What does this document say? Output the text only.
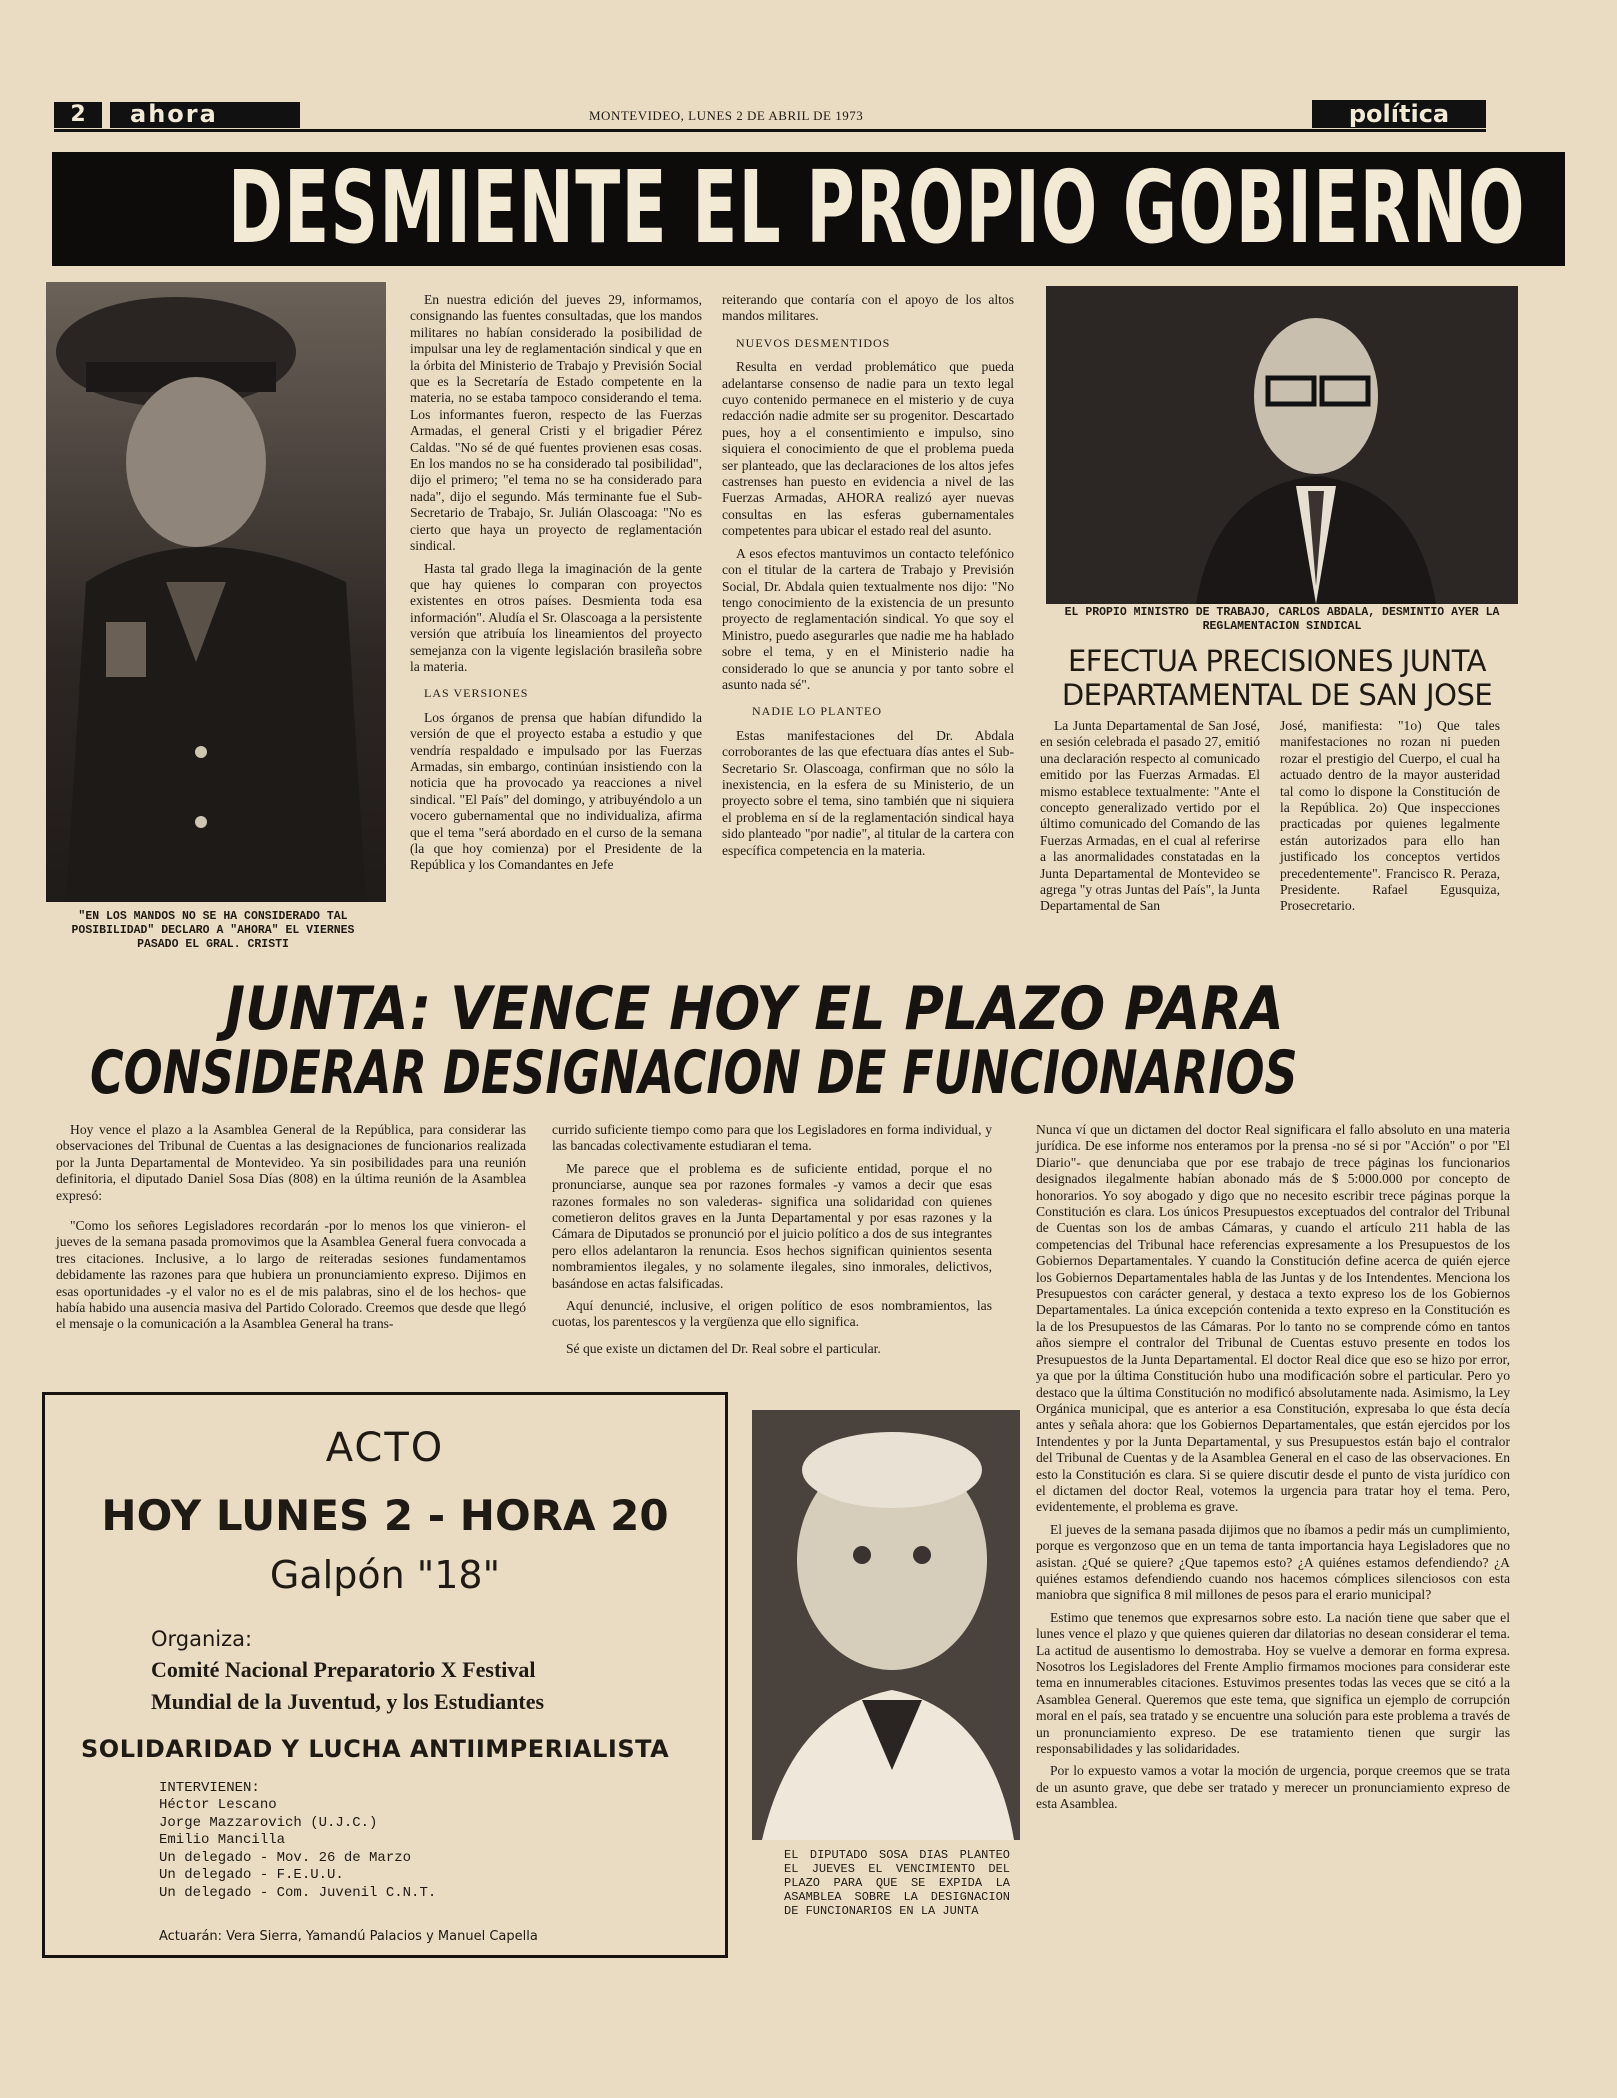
2	ahora	MONTEVIDEO, LUNES 2 DE ABRIL DE 1973	política
DESMIENTE EL PROPIO GOBIERNO
"EN LOS MANDOS NO SE HA CONSIDERADO TAL POSIBILIDAD" DECLARO A "AHORA" EL VIERNES PASADO EL GRAL. CRISTI

En nuestra edición del jueves 29, informamos, consignando las fuentes consultadas, que los mandos militares no habían considerado la posibilidad de impulsar una ley de reglamentación sindical y que en la órbita del Ministerio de Trabajo y Previsión Social que es la Secretaría de Estado competente en la materia, no se estaba tampoco considerando el tema. Los informantes fueron, respecto de las Fuerzas Armadas, el general Cristi y el brigadier Pérez Caldas. "No sé de qué fuentes provienen esas cosas. En los mandos no se ha considerado tal posibilidad", dijo el primero; "el tema no se ha considerado para nada", dijo el segundo. Más terminante fue el Sub-Secretario de Trabajo, Sr. Julián Olascoaga: "No es cierto que haya un proyecto de reglamentación sindical.

Hasta tal grado llega la imaginación de la gente que hay quienes lo comparan con proyectos existentes en otros países. Desmienta toda esa información". Aludía el Sr. Olascoaga a la persistente versión que atribuía los lineamientos del proyecto semejanza con la vigente legislación brasileña sobre la materia.

LAS VERSIONES

Los órganos de prensa que habían difundido la versión de que el proyecto estaba a estudio y que vendría respaldado e impulsado por las Fuerzas Armadas, sin embargo, continúan insistiendo con la noticia que ha provocado ya reacciones a nivel sindical. "El País" del domingo, y atribuyéndolo a un vocero gubernamental que no individualiza, afirma que el tema "será abordado en el curso de la semana (la que hoy comienza) por el Presidente de la República y los Comandantes en Jefe

reiterando que contaría con el apoyo de los altos mandos militares.

NUEVOS DESMENTIDOS

Resulta en verdad problemático que pueda adelantarse consenso de nadie para un texto legal cuyo contenido permanece en el misterio y de cuya redacción nadie admite ser su progenitor. Descartado pues, hoy a el consentimiento e impulso, sino siquiera el conocimiento de que el problema pueda ser planteado, que las declaraciones de los altos jefes castrenses han puesto en evidencia a nivel de las Fuerzas Armadas, AHORA realizó ayer nuevas consultas en las esferas gubernamentales competentes para ubicar el estado real del asunto.

A esos efectos mantuvimos un contacto telefónico con el titular de la cartera de Trabajo y Previsión Social, Dr. Abdala quien textualmente nos dijo: "No tengo conocimiento de la existencia de un presunto proyecto de reglamentación sindical. Yo que soy el Ministro, puedo asegurarles que nadie me ha hablado sobre el tema, y en el Ministerio nadie ha considerado lo que se anuncia y por tanto sobre el asunto nada sé".

NADIE LO PLANTEO

Estas manifestaciones del Dr. Abdala corroborantes de las que efectuara días antes el Sub-Secretario Sr. Olascoaga, confirman que no sólo la inexistencia, en la esfera de su Ministerio, de un proyecto sobre el tema, sino también que ni siquiera el problema en sí de la reglamentación sindical haya sido planteado "por nadie", al titular de la cartera con específica competencia en la materia.

EL PROPIO MINISTRO DE TRABAJO, CARLOS ABDALA, DESMINTIO AYER LA REGLAMENTACION SINDICAL
EFECTUA PRECISIONES JUNTA DEPARTAMENTAL DE SAN JOSE
La Junta Departamental de San José, en sesión celebrada el pasado 27, emitió una declaración respecto al comunicado emitido por las Fuerzas Armadas. El mismo establece textualmente: "Ante el concepto generalizado vertido por el último comunicado del Comando de las Fuerzas Armadas, en el cual al referirse a las anormalidades constatadas en la Junta Departamental de Montevideo se agrega "y otras Juntas del País", la Junta Departamental de San
José, manifiesta: "1o) Que tales manifestaciones no rozan ni pueden rozar el prestigio del Cuerpo, el cual ha actuado dentro de la mayor austeridad tal como lo dispone la Constitución de la República. 2o) Que inspecciones practicadas por quienes legalmente están autorizados para ello han justificado los conceptos vertidos precedentemente". Francisco R. Peraza, Presidente. Rafael Egusquiza, Prosecretario.
JUNTA: VENCE HOY EL PLAZO PARA
CONSIDERAR DESIGNACION DE FUNCIONARIOS

Hoy vence el plazo a la Asamblea General de la República, para considerar las observaciones del Tribunal de Cuentas a las designaciones de funcionarios realizada por la Junta Departamental de Montevideo. Ya sin posibilidades para una reunión definitoria, el diputado Daniel Sosa Días (808) en la última reunión de la Asamblea expresó:

"Como los señores Legisladores recordarán -por lo menos los que vinieron- el jueves de la semana pasada promovimos que la Asamblea General fuera convocada a tres citaciones. Inclusive, a lo largo de reiteradas sesiones fundamentamos debidamente las razones para que hubiera un pronunciamiento expreso. Dijimos en esas oportunidades -y el valor no es el de mis palabras, sino el de los hechos- que había habido una ausencia masiva del Partido Colorado. Creemos que desde que llegó el mensaje o la comunicación a la Asamblea General ha trans-

currido suficiente tiempo como para que los Legisladores en forma individual, y las bancadas colectivamente estudiaran el tema.

Me parece que el problema es de suficiente entidad, porque el no pronunciarse, aunque sea por razones formales -y vamos a decir que esas razones formales no son valederas- significa una solidaridad con quienes cometieron delitos graves en la Junta Departamental y por esas razones y la Cámara de Diputados se pronunció por el juicio político a dos de sus integrantes pero ellos adelantaron la renuncia. Esos hechos significan quinientos sesenta nombramientos ilegales, y no solamente ilegales, sino inmorales, delictivos, basándose en actas falsificadas.

Aquí denuncié, inclusive, el origen político de esos nombramientos, las cuotas, los parentescos y la vergüenza que ello significa.

Sé que existe un dictamen del Dr. Real sobre el particular.

Nunca ví que un dictamen del doctor Real significara el fallo absoluto en una materia jurídica. De ese informe nos enteramos por la prensa -no sé si por "Acción" o por "El Diario"- que denunciaba que por ese trabajo de trece páginas los funcionarios designados ilegalmente habían abonado más de $ 5:000.000 por concepto de honorarios. Yo soy abogado y digo que no necesito escribir trece páginas porque la Constitución es clara. Los únicos Presupuestos exceptuados del contralor del Tribunal de Cuentas son los de ambas Cámaras, y cuando el artículo 211 habla de las competencias del Tribunal hace referencias expresamente a los Presupuestos de los Gobiernos Departamentales. Y cuando la Constitución define acerca de quién ejerce los Gobiernos Departamentales habla de las Juntas y de los Intendentes. Menciona los Presupuestos con carácter general, y destaca a texto expreso los de los Gobiernos Departamentales. La única excepción contenida a texto expreso en la Constitución es la de los Presupuestos de las Cámaras. Por lo tanto no se comprende cómo en tantos años siempre el contralor del Tribunal de Cuentas estuvo presente en todos los Presupuestos de la Junta Departamental. El doctor Real dice que eso se hizo por error, ya que por la última Constitución hubo una modificación sobre el particular. Pero yo destaco que la última Constitución no modificó absolutamente nada. Asimismo, la Ley Orgánica municipal, que es anterior a esa Constitución, expresaba lo que ésta decía antes y señala ahora: que los Gobiernos Departamentales, que están ejercidos por los Intendentes y por la Junta Departamental, y sus Presupuestos están bajo el contralor del Tribunal de Cuentas y de la Asamblea General en el caso de las observaciones. En esto la Constitución es clara. Si se quiere discutir desde el punto de vista jurídico con el dictamen del doctor Real, votemos la urgencia para tratar hoy el tema. Pero, evidentemente, el problema es grave.

El jueves de la semana pasada dijimos que no íbamos a pedir más un cumplimiento, porque es vergonzoso que en un tema de tanta importancia haya Legisladores que no asistan. ¿Qué se quiere? ¿Que tapemos esto? ¿A quiénes estamos defendiendo? ¿A quiénes estamos defendiendo cuando nos hacemos cómplices silenciosos con esta maniobra que significa 8 mil millones de pesos para el erario municipal?

Estimo que tenemos que expresarnos sobre esto. La nación tiene que saber que el lunes vence el plazo y que quienes quieren dar dilatorias no desean considerar el tema. La actitud de ausentismo lo demostraba. Hoy se vuelve a demorar en forma expresa. Nosotros los Legisladores del Frente Amplio firmamos mociones para considerar este tema en innumerables citaciones. Estuvimos presentes todas las veces que se citó a la Asamblea General. Queremos que este tema, que significa un ejemplo de corrupción moral en el país, sea tratado y se encuentre una solución para este problema a través de un pronunciamiento expreso. De ese tratamiento tienen que surgir las responsabilidades y las solidaridades.

Por lo expuesto vamos a votar la moción de urgencia, porque creemos que se trata de un asunto grave, que debe ser tratado y merecer un pronunciamiento expreso de esta Asamblea.

EL DIPUTADO SOSA DIAS PLANTEO EL JUEVES EL VENCIMIENTO DEL PLAZO PARA QUE SE EXPIDA LA ASAMBLEA SOBRE LA DESIGNACION DE FUNCIONARIOS EN LA JUNTA
ACTO
HOY LUNES 2 - HORA 20
Galpón "18"
Organiza:
Comité Nacional Preparatorio X Festival
Mundial de la Juventud, y los Estudiantes
SOLIDARIDAD Y LUCHA ANTIIMPERIALISTA
INTERVIENEN:
Héctor Lescano
Jorge Mazzarovich (U.J.C.)
Emilio Mancilla
Un delegado - Mov. 26 de Marzo
Un delegado - F.E.U.U.
Un delegado - Com. Juvenil C.N.T.
Actuarán: Vera Sierra, Yamandú Palacios y Manuel Capella
